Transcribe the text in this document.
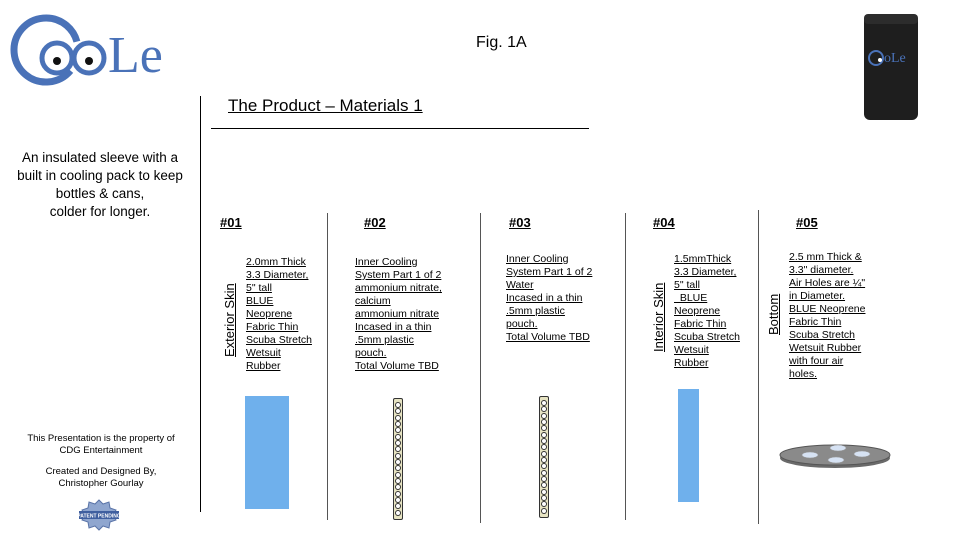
Le	Fig. 1A
oLe
The Product – Materials 1
An insulated sleeve with a
built in cooling pack to keep
bottles & cans,
colder for longer.
This Presentation is the property of
CDG Entertainment
Created and Designed By,
Christopher Gourlay
PATENT PENDING
#01
Exterior Skin
2.0mm Thick
3.3 Diameter,
5" tall
BLUE
Neoprene
Fabric Thin
Scuba Stretch
Wetsuit
Rubber
#02
Inner Cooling
System Part 1 of 2
ammonium nitrate,
calcium
ammonium nitrate
Incased in a thin
.5mm plastic
pouch.
Total Volume TBD
#03
Inner Cooling
System Part 1 of 2
Water
Incased in a thin
.5mm plastic
pouch.
Total Volume TBD
#04
Interior Skin
1.5mmThick
3.3 Diameter,
5" tall
BLUE
Neoprene
Fabric Thin
Scuba Stretch
Wetsuit
Rubber
#05
Bottom
2.5 mm Thick &
3.3" diameter.
Air Holes are ¼"
in Diameter.
BLUE Neoprene
Fabric Thin
Scuba Stretch
Wetsuit Rubber
with four air
holes.
